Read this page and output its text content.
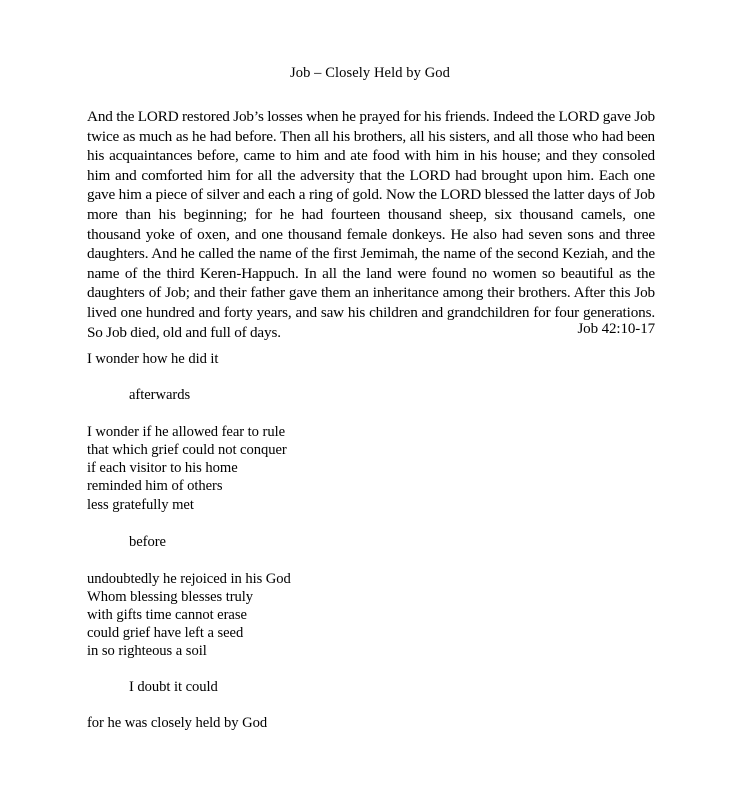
Job – Closely Held by God
And the LORD restored Job’s losses when he prayed for his friends. Indeed the LORD gave Job twice as much as he had before. Then all his brothers, all his sisters, and all those who had been his acquaintances before, came to him and ate food with him in his house; and they consoled him and comforted him for all the adversity that the LORD had brought upon him. Each one gave him a piece of silver and each a ring of gold. Now the LORD blessed the latter days of Job more than his beginning; for he had fourteen thousand sheep, six thousand camels, one thousand yoke of oxen, and one thousand female donkeys. He also had seven sons and three daughters. And he called the name of the first Jemimah, the name of the second Keziah, and the name of the third Keren-Happuch. In all the land were found no women so beautiful as the daughters of Job; and their father gave them an inheritance among their brothers. After this Job lived one hundred and forty years, and saw his children and grandchildren for four generations. So Job died, old and full of days.	Job 42:10-17
I wonder how he did it
afterwards
I wonder if he allowed fear to rule
that which grief could not conquer
if each visitor to his home
reminded him of others
less gratefully met
before
undoubtedly he rejoiced in his God
Whom blessing blesses truly
with gifts time cannot erase
could grief have left a seed
in so righteous a soil
I doubt it could
for he was closely held by God
